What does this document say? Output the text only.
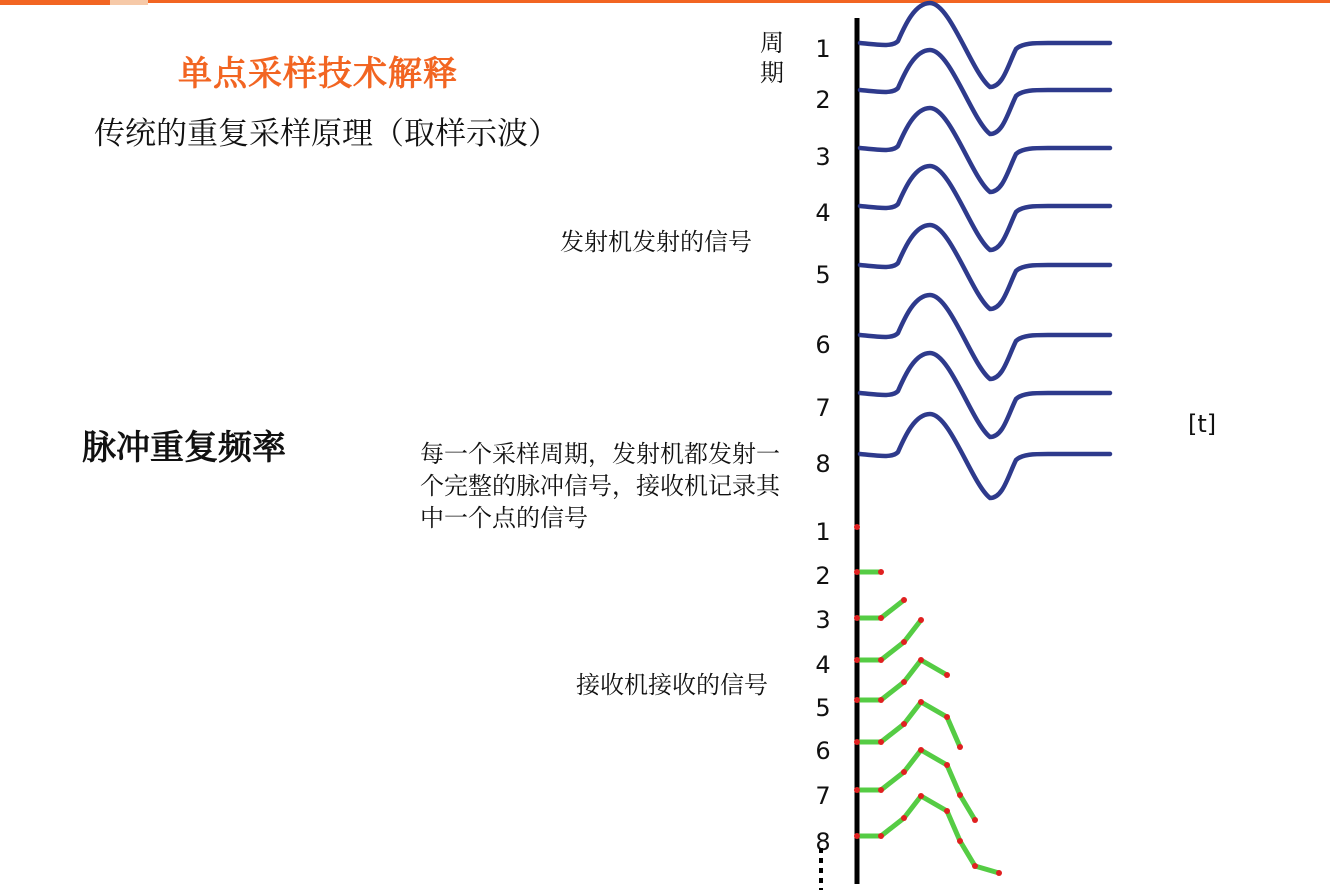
单点采样技术解释
传统的重复采样原理（取样示波）
脉冲重复频率	每一个采样周期，发射机都发射一个完整的脉冲信号，接收机记录其中一个点的信号
发射机发射的信号
接收机接收的信号
周期
[t]
1
2
3
4
5
6
7
8
1
2
3
4
5
6
7
8
